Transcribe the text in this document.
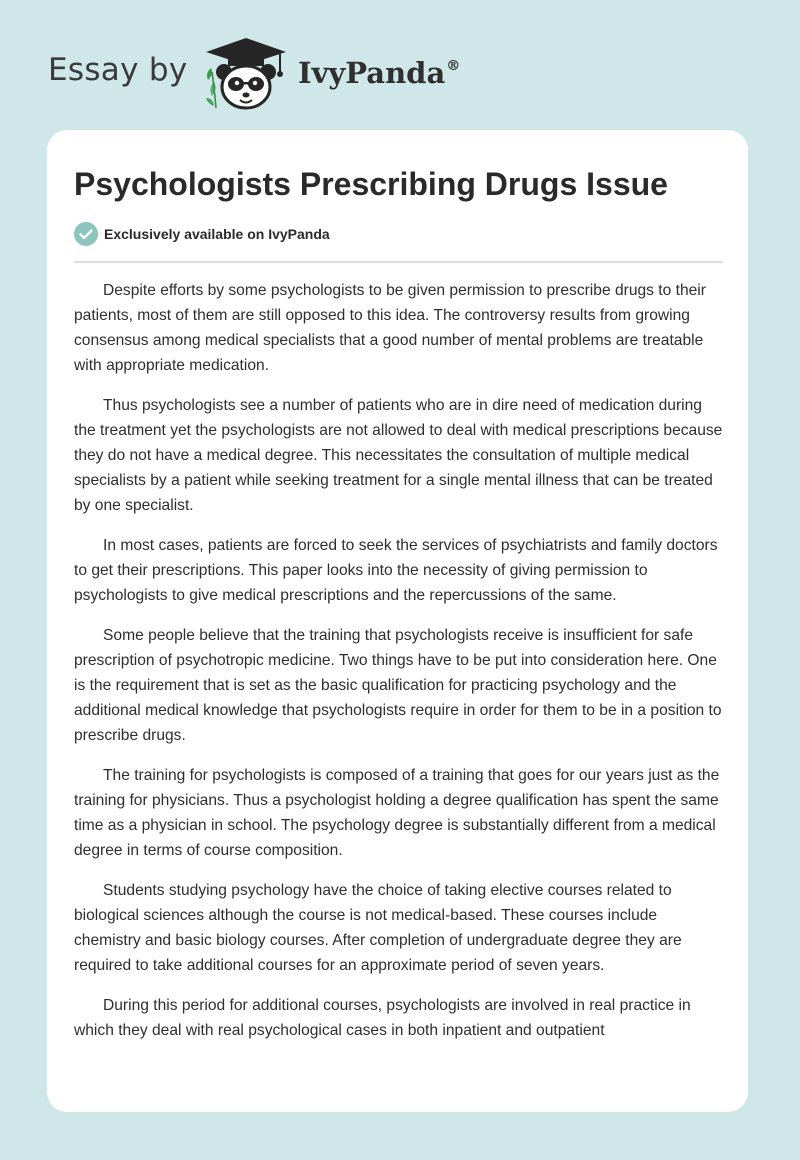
Essay by	IvyPanda®
Psychologists Prescribing Drugs Issue
Exclusively available on IvyPanda

Despite efforts by some psychologists to be given permission to prescribe drugs to their patients, most of them are still opposed to this idea. The controversy results from growing consensus among medical specialists that a good number of mental problems are treatable with appropriate medication.

Thus psychologists see a number of patients who are in dire need of medication during the treatment yet the psychologists are not allowed to deal with medical prescriptions because they do not have a medical degree. This necessitates the consultation of multiple medical specialists by a patient while seeking treatment for a single mental illness that can be treated by one specialist.

In most cases, patients are forced to seek the services of psychiatrists and family doctors to get their prescriptions. This paper looks into the necessity of giving permission to psychologists to give medical prescriptions and the repercussions of the same.

Some people believe that the training that psychologists receive is insufficient for safe prescription of psychotropic medicine. Two things have to be put into consideration here. One is the requirement that is set as the basic qualification for practicing psychology and the additional medical knowledge that psychologists require in order for them to be in a position to prescribe drugs.

The training for psychologists is composed of a training that goes for our years just as the training for physicians. Thus a psychologist holding a degree qualification has spent the same time as a physician in school. The psychology degree is substantially different from a medical degree in terms of course composition.

Students studying psychology have the choice of taking elective courses related to biological sciences although the course is not medical-based. These courses include chemistry and basic biology courses. After completion of undergraduate degree they are required to take additional courses for an approximate period of seven years.

During this period for additional courses, psychologists are involved in real practice in which they deal with real psychological cases in both inpatient and outpatient
